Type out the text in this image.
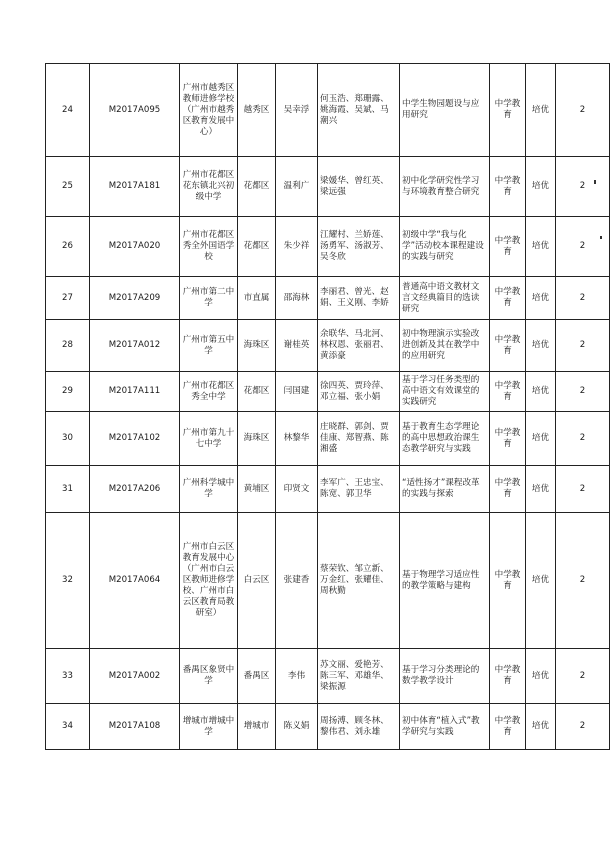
24	M2017A095	广州市越秀区教师进修学校（广州市越秀区教育发展中心）	越秀区	吴幸浮	何玉浩、郑珊露、姚海霞、吴斌、马潮兴	中学生物园题设与应用研究	中学教育	培优	2
25	M2017A181	广州市花都区花东镇北兴初级中学	花都区	温利广	梁媛华、曾红英、梁远强	初中化学研究性学习与环境教育整合研究	中学教育	培优	2
26	M2017A020	广州市花都区秀全外国语学校	花都区	朱少祥	江耀村、兰娇莲、汤勇军、汤淑芳、吴冬欣	初级中学“我与化学”活动校本课程建设的实践与研究	中学教育	培优	2
27	M2017A209	广州市第二中学	市直属	邵海林	李丽君、曾光、赵娟、王义刚、李娇	普通高中语文教材文言文经典篇目的选读研究	中学教育	培优	2
28	M2017A012	广州市第五中学	海珠区	谢桂英	余联华、马北河、林权恩、张丽君、黄添豪	初中物理演示实验改进创新及其在教学中的应用研究	中学教育	培优	2
29	M2017A111	广州市花都区秀全中学	花都区	闫国建	徐四英、贾玲萍、邓立福、张小娟	基于学习任务类型的高中语文有效课堂的实践研究	中学教育	培优	2
30	M2017A102	广州市第九十七中学	海珠区	林黎华	庄晓群、郭剑、贾佳康、郑智燕、陈湘盛	基于教育生态学理论的高中思想政治课生态教学研究与实践	中学教育	培优	2
31	M2017A206	广州科学城中学	黄埔区	印贤文	李军广、王忠宝、陈宽、郭卫华	“适性扬才”课程改革的实践与探索	中学教育	培优	2
32	M2017A064	广州市白云区教育发展中心（广州市白云区教师进修学校、广州市白云区教育局教研室）	白云区	张建香	蔡荣钦、邹立新、万金红、张耀佳、周秋勤	基于物理学习适应性的教学策略与建构	中学教育	培优	2
33	M2017A002	番禺区象贤中学	番禺区	李伟	苏文丽、爱艳芳、陈三军、邓雄华、梁振源	基于学习分类理论的数学教学设计	中学教育	培优	2
34	M2017A108	增城市增城中学	增城市	陈义娟	周扬溥、顾冬林、黎伟君、刘永雄	初中体育“植入式”教学研究与实践	中学教育	培优	2
